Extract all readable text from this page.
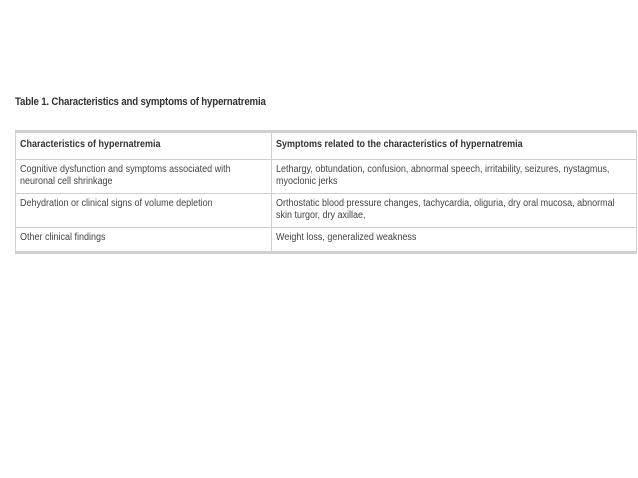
Table 1. Characteristics and symptoms of hypernatremia
Characteristics of hypernatremia	Symptoms related to the characteristics of hypernatremia

Cognitive dysfunction and symptoms associated with neuronal cell shrinkage	Lethargy, obtundation, confusion, abnormal speech, irritability, seizures, nystagmus, myoclonic jerks

Dehydration or clinical signs of volume depletion	Orthostatic blood pressure changes, tachycardia, oliguria, dry oral mucosa, abnormal skin turgor, dry axillae,

Other clinical findings	Weight loss, generalized weakness
